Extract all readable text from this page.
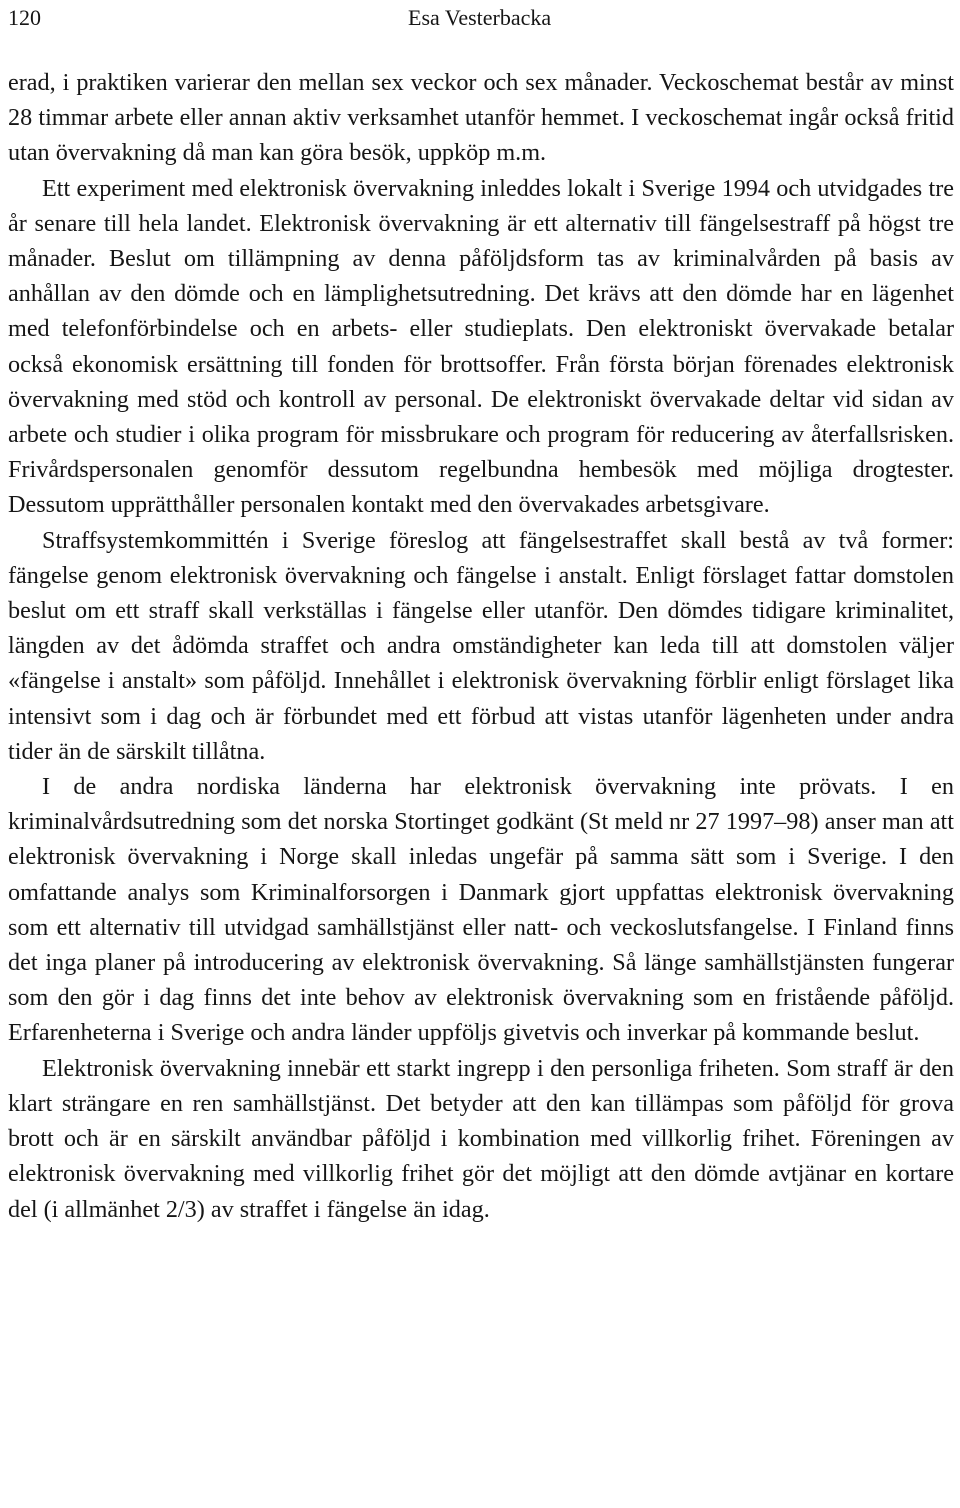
120	Esa Vesterbacka

erad, i praktiken varierar den mellan sex veckor och sex månader. Veckoschemat består av minst 28 timmar arbete eller annan aktiv verksamhet utanför hemmet. I veckoschemat ingår också fritid utan övervakning då man kan göra besök, uppköp m.m.

Ett experiment med elektronisk övervakning inleddes lokalt i Sverige 1994 och utvidgades tre år senare till hela landet. Elektronisk övervakning är ett alternativ till fängelsestraff på högst tre månader. Beslut om tillämpning av denna påföljdsform tas av kriminalvården på basis av anhållan av den dömde och en lämplighetsutredning. Det krävs att den dömde har en lägenhet med telefonförbindelse och en arbets- eller studieplats. Den elektroniskt övervakade betalar också ekonomisk ersättning till fonden för brottsoffer. Från första början förenades elektronisk övervakning med stöd och kontroll av personal. De elektroniskt övervakade deltar vid sidan av arbete och studier i olika program för missbrukare och program för reducering av återfallsrisken. Frivårdspersonalen genomför dessutom regelbundna hembesök med möjliga drogtester. Dessutom upprätthåller personalen kontakt med den övervakades arbetsgivare.

Straffsystemkommittén i Sverige föreslog att fängelsestraffet skall bestå av två former: fängelse genom elektronisk övervakning och fängelse i anstalt. Enligt förslaget fattar domstolen beslut om ett straff skall verkställas i fängelse eller utanför. Den dömdes tidigare kriminalitet, längden av det ådömda straffet och andra omständigheter kan leda till att domstolen väljer «fängelse i anstalt» som påföljd. Innehållet i elektronisk övervakning förblir enligt förslaget lika intensivt som i dag och är förbundet med ett förbud att vistas utanför lägenheten under andra tider än de särskilt tillåtna.

I de andra nordiska länderna har elektronisk övervakning inte prövats. I en kriminalvårdsutredning som det norska Stortinget godkänt (St meld nr 27 1997–98) anser man att elektronisk övervakning i Norge skall inledas ungefär på samma sätt som i Sverige. I den omfattande analys som Kriminalforsorgen i Danmark gjort uppfattas elektronisk övervakning som ett alternativ till utvidgad samhällstjänst eller natt- och veckoslutsfangelse. I Finland finns det inga planer på introducering av elektronisk övervakning. Så länge samhällstjänsten fungerar som den gör i dag finns det inte behov av elektronisk övervakning som en fristående påföljd. Erfarenheterna i Sverige och andra länder uppföljs givetvis och inverkar på kommande beslut.

Elektronisk övervakning innebär ett starkt ingrepp i den personliga friheten. Som straff är den klart strängare en ren samhällstjänst. Det betyder att den kan tillämpas som påföljd för grova brott och är en särskilt användbar påföljd i kombination med villkorlig frihet. Föreningen av elektronisk övervakning med villkorlig frihet gör det möjligt att den dömde avtjänar en kortare del (i allmänhet 2/3) av straffet i fängelse än idag.
